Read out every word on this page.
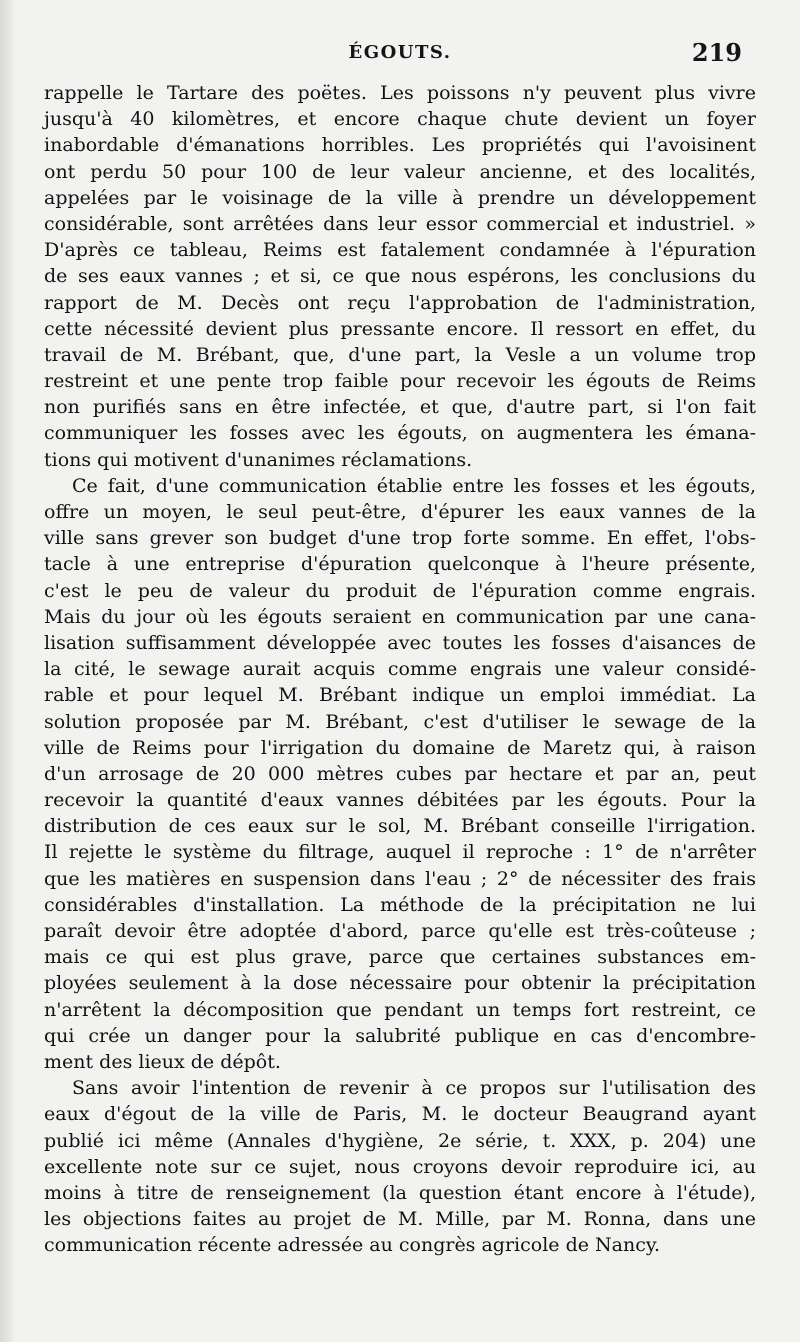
ÉGOUTS.	219
rappelle le Tartare des poëtes. Les poissons n'y peuvent plus vivre
jusqu'à 40 kilomètres, et encore chaque chute devient un foyer
inabordable d'émanations horribles. Les propriétés qui l'avoisinent
ont perdu 50 pour 100 de leur valeur ancienne, et des localités,
appelées par le voisinage de la ville à prendre un développement
considérable, sont arrêtées dans leur essor commercial et industriel. »
D'après ce tableau, Reims est fatalement condamnée à l'épuration
de ses eaux vannes ; et si, ce que nous espérons, les conclusions du
rapport de M. Decès ont reçu l'approbation de l'administration,
cette nécessité devient plus pressante encore. Il ressort en effet, du
travail de M. Brébant, que, d'une part, la Vesle a un volume trop
restreint et une pente trop faible pour recevoir les égouts de Reims
non purifiés sans en être infectée, et que, d'autre part, si l'on fait
communiquer les fosses avec les égouts, on augmentera les émana-
tions qui motivent d'unanimes réclamations.
Ce fait, d'une communication établie entre les fosses et les égouts,
offre un moyen, le seul peut-être, d'épurer les eaux vannes de la
ville sans grever son budget d'une trop forte somme. En effet, l'obs-
tacle à une entreprise d'épuration quelconque à l'heure présente,
c'est le peu de valeur du produit de l'épuration comme engrais.
Mais du jour où les égouts seraient en communication par une cana-
lisation suffisamment développée avec toutes les fosses d'aisances de
la cité, le sewage aurait acquis comme engrais une valeur considé-
rable et pour lequel M. Brébant indique un emploi immédiat. La
solution proposée par M. Brébant, c'est d'utiliser le sewage de la
ville de Reims pour l'irrigation du domaine de Maretz qui, à raison
d'un arrosage de 20 000 mètres cubes par hectare et par an, peut
recevoir la quantité d'eaux vannes débitées par les égouts. Pour la
distribution de ces eaux sur le sol, M. Brébant conseille l'irrigation.
Il rejette le système du filtrage, auquel il reproche : 1° de n'arrêter
que les matières en suspension dans l'eau ; 2° de nécessiter des frais
considérables d'installation. La méthode de la précipitation ne lui
paraît devoir être adoptée d'abord, parce qu'elle est très-coûteuse ;
mais ce qui est plus grave, parce que certaines substances em-
ployées seulement à la dose nécessaire pour obtenir la précipitation
n'arrêtent la décomposition que pendant un temps fort restreint, ce
qui crée un danger pour la salubrité publique en cas d'encombre-
ment des lieux de dépôt.
Sans avoir l'intention de revenir à ce propos sur l'utilisation des
eaux d'égout de la ville de Paris, M. le docteur Beaugrand ayant
publié ici même (Annales d'hygiène, 2e série, t. XXX, p. 204) une
excellente note sur ce sujet, nous croyons devoir reproduire ici, au
moins à titre de renseignement (la question étant encore à l'étude),
les objections faites au projet de M. Mille, par M. Ronna, dans une
communication récente adressée au congrès agricole de Nancy.
